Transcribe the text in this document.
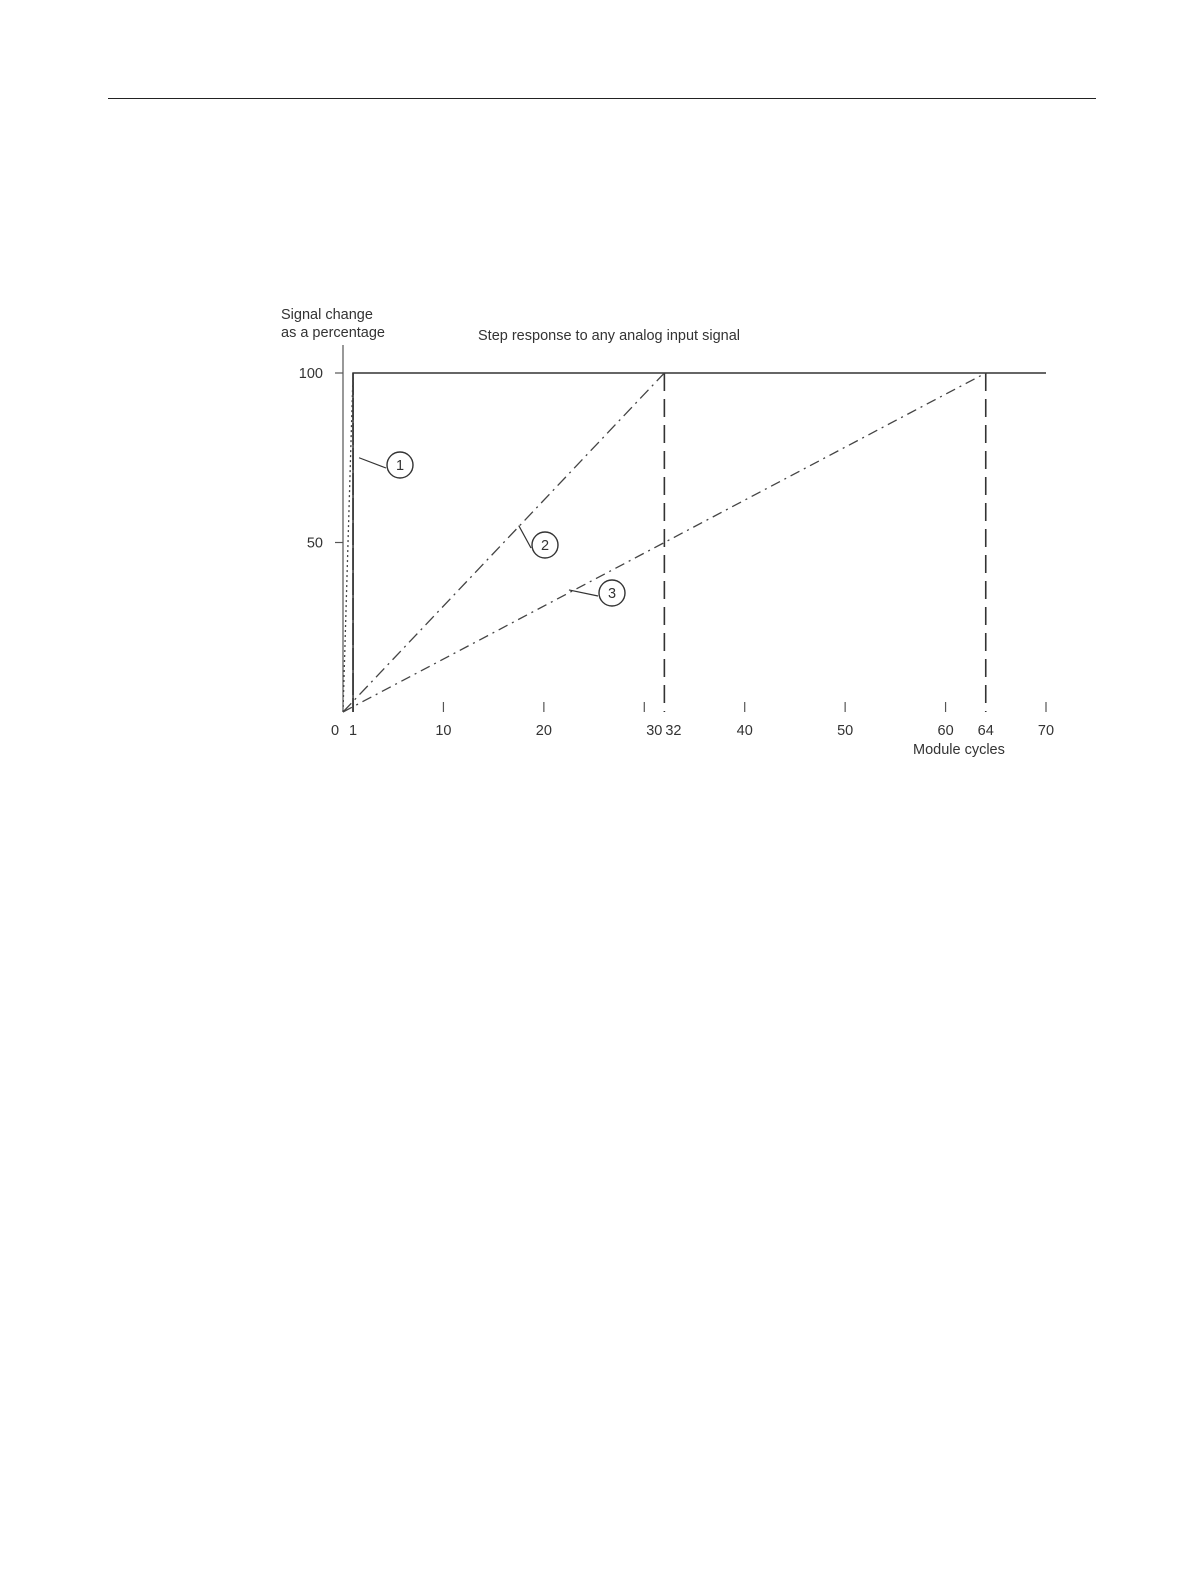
Step response to any analog input signal
Signal change
as a percentage
Module cycles
50
100
0 1	10	20	30 32	40	50	60 64	70
1
2
3
